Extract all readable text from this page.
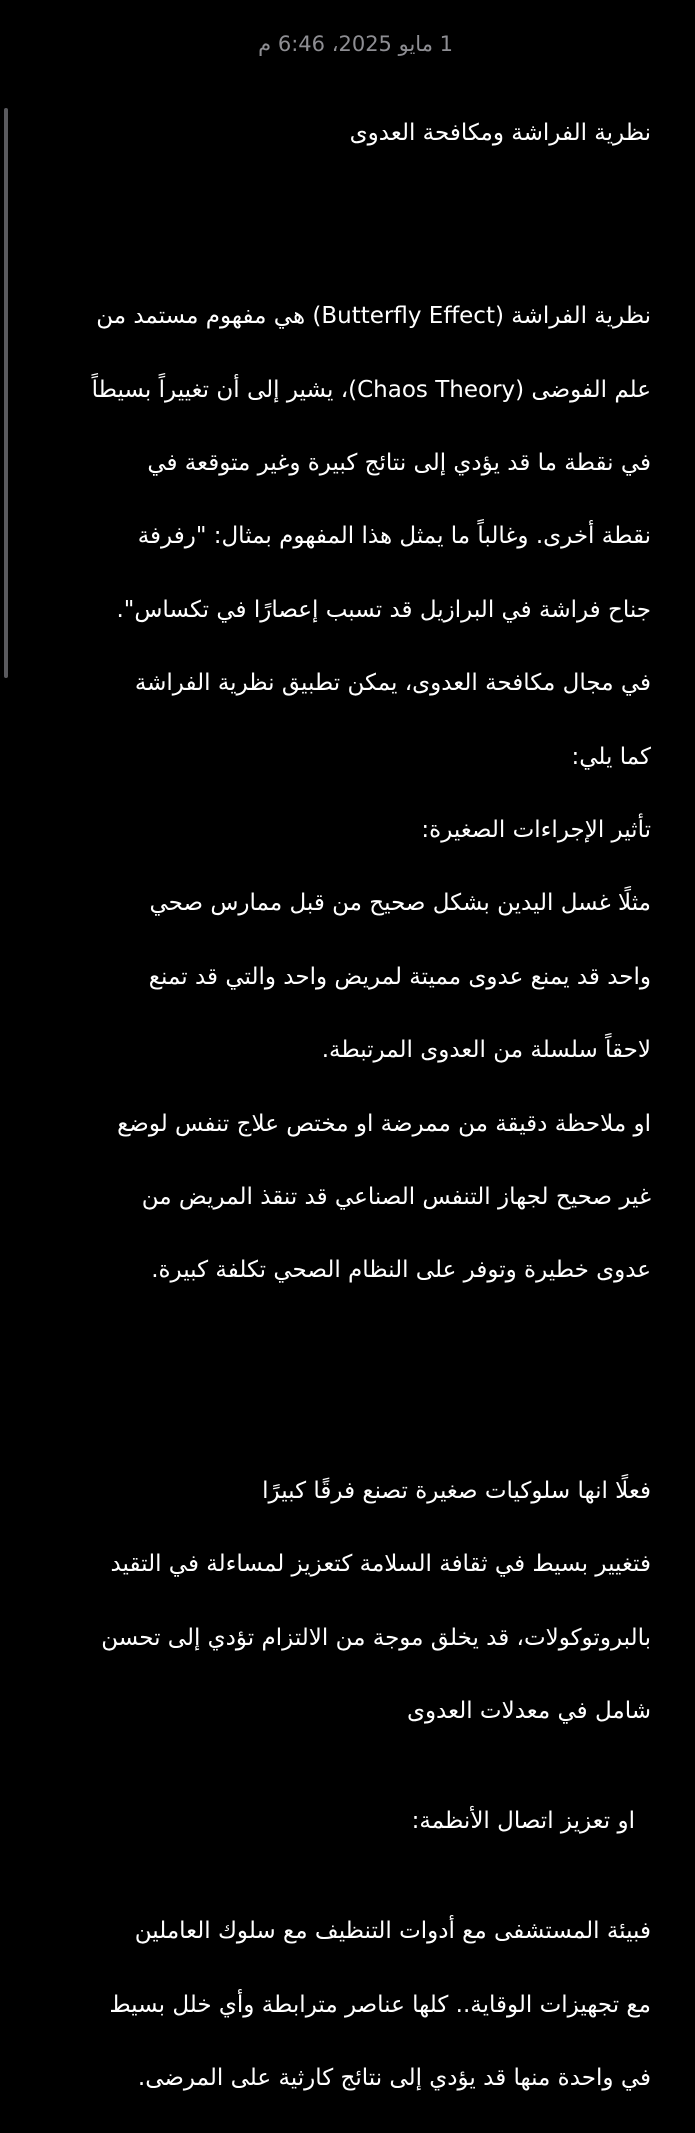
1 مايو 2025، 6:46 م

نظرية الفراشة ومكافحة العدوى

نظرية الفراشة (Butterfly Effect) هي مفهوم مستمد من

علم الفوضى (Chaos Theory)، يشير إلى أن تغييراً بسيطاً

في نقطة ما قد يؤدي إلى نتائج كبيرة وغير متوقعة في

نقطة أخرى. وغالباً ما يمثل هذا المفهوم بمثال: "رفرفة

جناح فراشة في البرازيل قد تسبب إعصارًا في تكساس".

في مجال مكافحة العدوى، يمكن تطبيق نظرية الفراشة

كما يلي:

تأثير الإجراءات الصغيرة:

مثلًا غسل اليدين بشكل صحيح من قبل ممارس صحي

واحد قد يمنع عدوى مميتة لمريض واحد والتي قد تمنع

لاحقاً سلسلة من العدوى المرتبطة.

او ملاحظة دقيقة من ممرضة او مختص علاج تنفس لوضع

غير صحيح لجهاز التنفس الصناعي قد تنقذ المريض من

عدوى خطيرة وتوفر على النظام الصحي تكلفة كبيرة.

فعلًا انها سلوكيات صغيرة تصنع فرقًا كبيرًا

فتغيير بسيط في ثقافة السلامة كتعزيز لمساءلة في التقيد

بالبروتوكولات، قد يخلق موجة من الالتزام تؤدي إلى تحسن

شامل في معدلات العدوى

او تعزيز اتصال الأنظمة:

فبيئة المستشفى مع أدوات التنظيف مع سلوك العاملين

مع تجهيزات الوقاية.. كلها عناصر مترابطة وأي خلل بسيط

في واحدة منها قد يؤدي إلى نتائج كارثية على المرضى.
